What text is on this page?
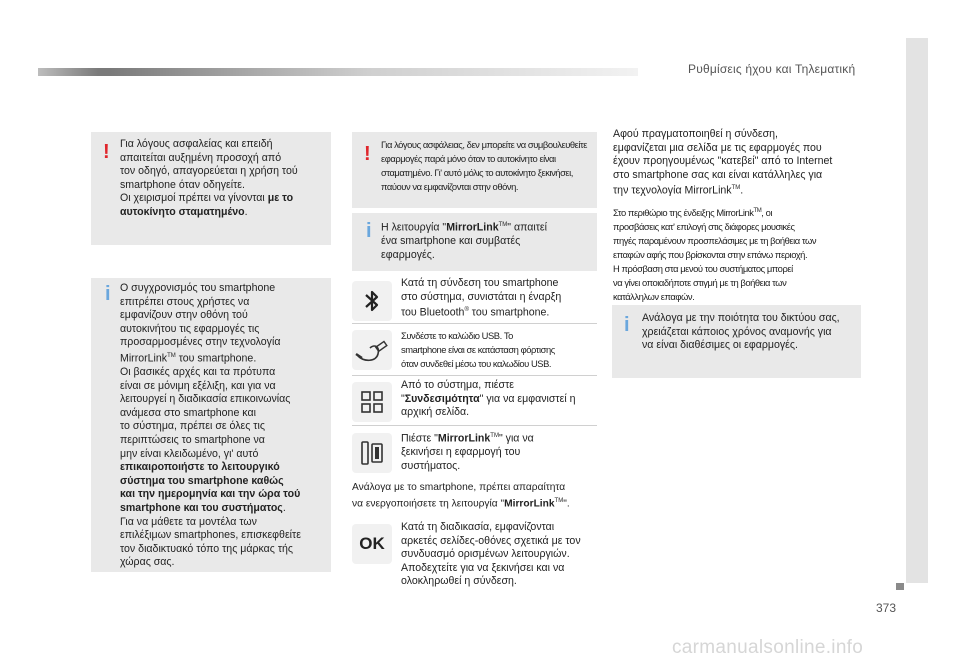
Ρυθμίσεις ήχου και Τηλεματική
373
! Για λόγους ασφαλείας και επειδή
απαιτείται αυξημένη προσοχή από
τον οδηγό, απαγορεύεται η χρήση τού
smartphone όταν οδηγείτε.
Οι χειρισμοί πρέπει να γίνονται με το
αυτοκίνητο σταματημένο.
i Ο συγχρονισμός του smartphone
επιτρέπει στους χρήστες να
εμφανίζουν στην οθόνη τού
αυτοκινήτου τις εφαρμογές τις
προσαρμοσμένες στην τεχνολογία
MirrorLink™ του smartphone.
Οι βασικές αρχές και τα πρότυπα
είναι σε μόνιμη εξέλιξη, και για να
λειτουργεί η διαδικασία επικοινωνίας
ανάμεσα στο smartphone και
το σύστημα, πρέπει σε όλες τις
περιπτώσεις το smartphone να
μην είναι κλειδωμένο, γι' αυτό
επικαιροποιήστε το λειτουργικό
σύστημα του smartphone καθώς
και την ημερομηνία και την ώρα τού
smartphone και του συστήματος.
Για να μάθετε τα μοντέλα των
επιλέξιμων smartphones, επισκεφθείτε
τον διαδικτυακό τόπο της μάρκας τής
χώρας σας.
! Για λόγους ασφάλειας, δεν μπορείτε να συμβουλευθείτε
εφαρμογές παρά μόνο όταν το αυτοκίνητο είναι
σταματημένο. Γι' αυτό μόλις το αυτοκίνητο ξεκινήσει,
παύουν να εμφανίζονται στην οθόνη.
i Η λειτουργία "MirrorLink™" απαιτεί
ένα smartphone και συμβατές
εφαρμογές.
Κατά τη σύνδεση του smartphone
στο σύστημα, συνιστάται η έναρξη
του Bluetooth® του smartphone.
Συνδέστε το καλώδιο USB. Το
smartphone είναι σε κατάσταση φόρτισης
όταν συνδεθεί μέσω του καλωδίου USB.
Από το σύστημα, πιέστε
"Συνδεσιμότητα" για να εμφανιστεί η
αρχική σελίδα.
Πιέστε "MirrorLink™" για να
ξεκινήσει η εφαρμογή του
συστήματος.
Ανάλογα με το smartphone, πρέπει απαραίτητα
να ενεργοποιήσετε τη λειτουργία "MirrorLink™".
OK
Κατά τη διαδικασία, εμφανίζονται
αρκετές σελίδες-οθόνες σχετικά με τον
συνδυασμό ορισμένων λειτουργιών.
Αποδεχτείτε για να ξεκινήσει και να
ολοκληρωθεί η σύνδεση.
Αφού πραγματοποιηθεί η σύνδεση,
εμφανίζεται μια σελίδα με τις εφαρμογές που
έχουν προηγουμένως "κατεβεί" από το Internet
στο smartphone σας και είναι κατάλληλες για
την τεχνολογία MirrorLink™.
Στο περιθώριο της ένδειξης MirrorLink™, οι
προσβάσεις κατ' επιλογή στις διάφορες μουσικές
πηγές παραμένουν προσπελάσιμες με τη βοήθεια των
επαφών αφής που βρίσκονται στην επάνω περιοχή.
Η πρόσβαση στα μενού του συστήματος μπορεί
να γίνει οποιαδήποτε στιγμή με τη βοήθεια των
κατάλληλων επαφών.
i Ανάλογα με την ποιότητα του δικτύου σας,
χρειάζεται κάποιος χρόνος αναμονής για
να είναι διαθέσιμες οι εφαρμογές.
carmanualsonline.info
